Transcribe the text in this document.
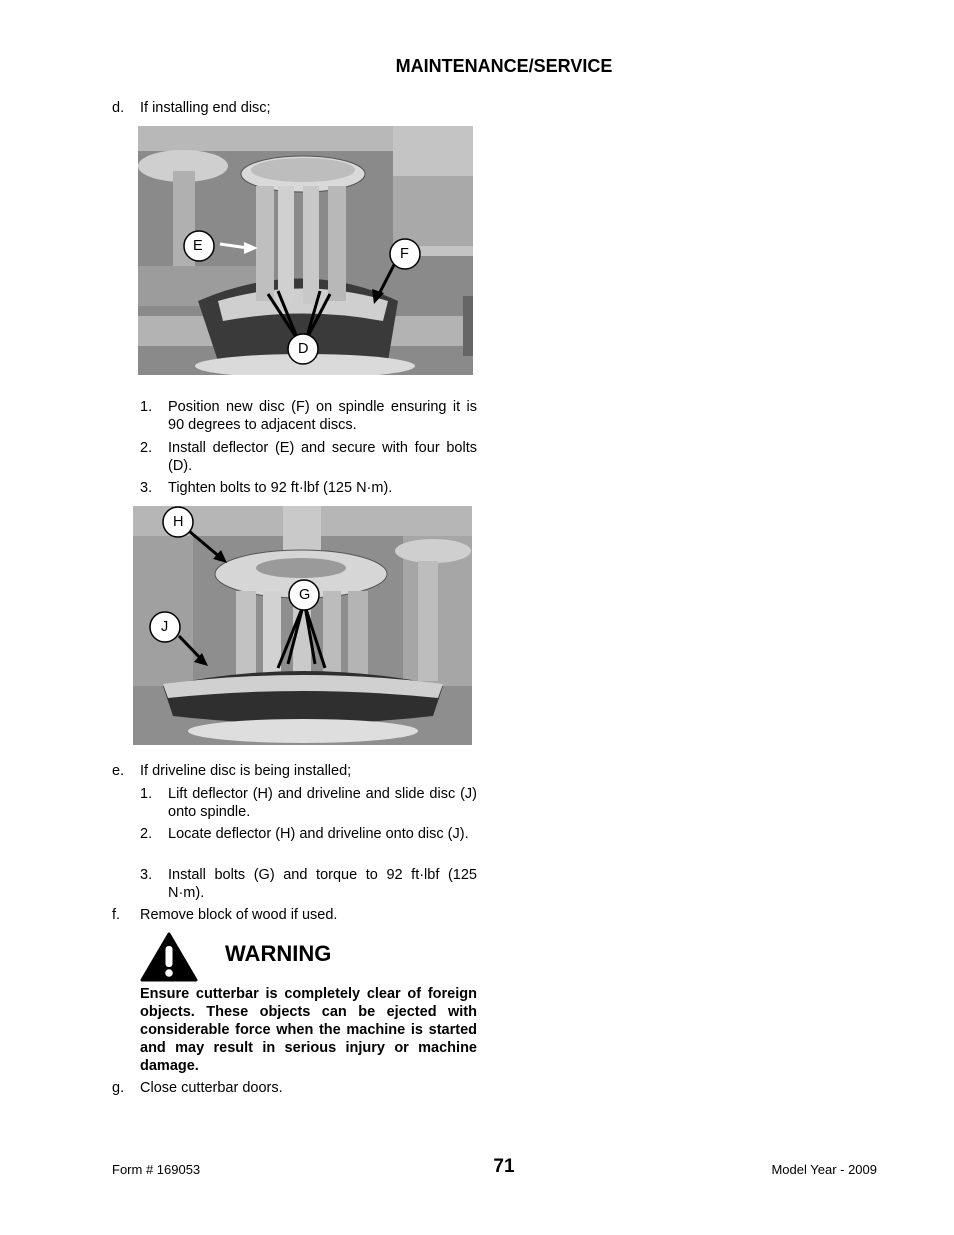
MAINTENANCE/SERVICE
d. If installing end disc;
E	F
D
1. Position new disc (F) on spindle ensuring it is 90 degrees to adjacent discs.
2. Install deflector (E) and secure with four bolts (D).
3. Tighten bolts to 92 ft·lbf (125 N·m).
H
G
J
e. If driveline disc is being installed;
1. Lift deflector (H) and driveline and slide disc (J) onto spindle.
2. Locate deflector (H) and driveline onto disc (J).
3. Install bolts (G) and torque to 92 ft·lbf (125 N·m).
f. Remove block of wood if used.
WARNING
Ensure cutterbar is completely clear of foreign objects. These objects can be ejected with considerable force when the machine is started and may result in serious injury or machine damage.
g. Close cutterbar doors.
Form # 169053	71	Model Year - 2009
